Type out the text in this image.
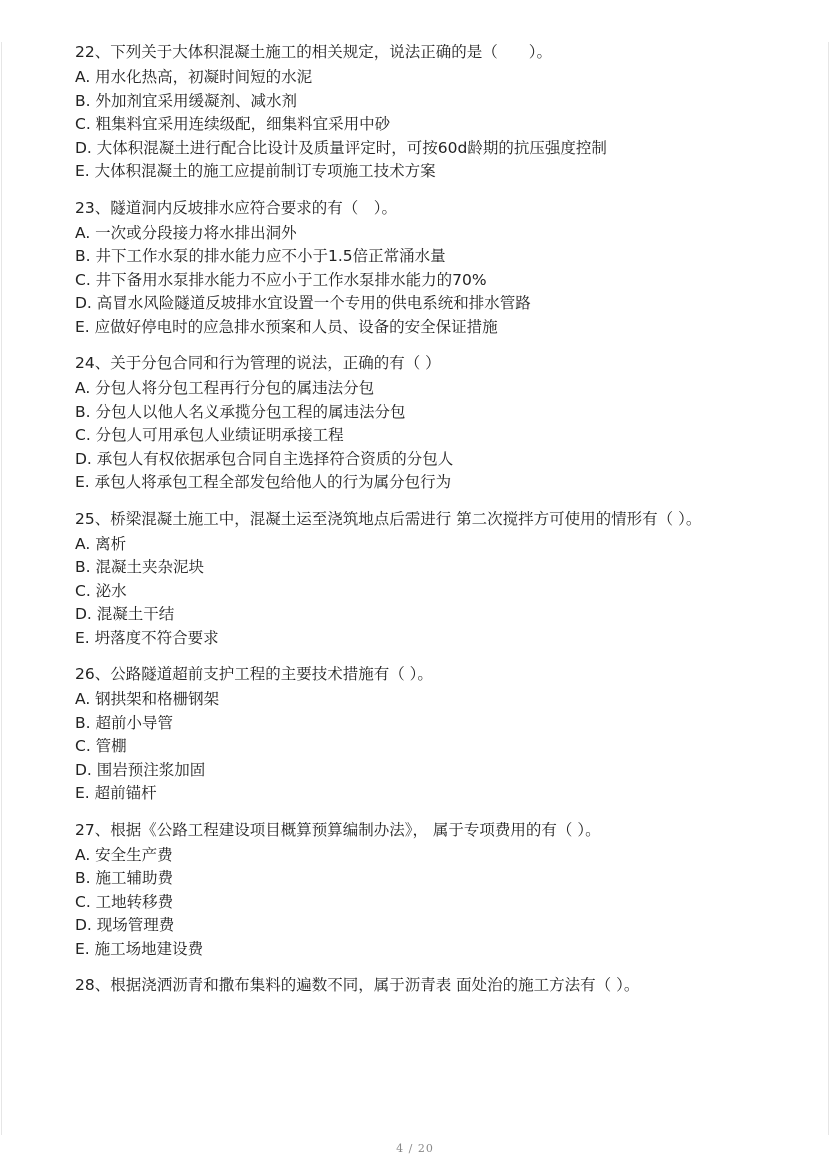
22、下列关于大体积混凝土施工的相关规定，说法正确的是（　　）。

A. 用水化热高，初凝时间短的水泥

B. 外加剂宜采用缓凝剂、减水剂

C. 粗集料宜采用连续级配，细集料宜采用中砂

D. 大体积混凝土进行配合比设计及质量评定时，可按60d龄期的抗压强度控制

E. 大体积混凝土的施工应提前制订专项施工技术方案

23、隧道洞内反坡排水应符合要求的有（　）。

A. 一次或分段接力将水排出洞外

B. 井下工作水泵的排水能力应不小于1.5倍正常涌水量

C. 井下备用水泵排水能力不应小于工作水泵排水能力的70%

D. 高冒水风险隧道反坡排水宜设置一个专用的供电系统和排水管路

E. 应做好停电时的应急排水预案和人员、设备的安全保证措施

24、关于分包合同和行为管理的说法，正确的有（ ）

A. 分包人将分包工程再行分包的属违法分包

B. 分包人以他人名义承揽分包工程的属违法分包

C. 分包人可用承包人业绩证明承接工程

D. 承包人有权依据承包合同自主选择符合资质的分包人

E. 承包人将承包工程全部发包给他人的行为属分包行为

25、桥梁混凝土施工中，混凝土运至浇筑地点后需进行 第二次搅拌方可使用的情形有（ ）。

A. 离析

B. 混凝土夹杂泥块

C. 泌水

D. 混凝土干结

E. 坍落度不符合要求

26、公路隧道超前支护工程的主要技术措施有（ ）。

A. 钢拱架和格栅钢架

B. 超前小导管

C. 管棚

D. 围岩预注浆加固

E. 超前锚杆

27、根据《公路工程建设项目概算预算编制办法》， 属于专项费用的有（ ）。

A. 安全生产费

B. 施工辅助费

C. 工地转移费

D. 现场管理费

E. 施工场地建设费

28、根据浇洒沥青和撒布集料的遍数不同，属于沥青表 面处治的施工方法有（ ）。

4 / 20
